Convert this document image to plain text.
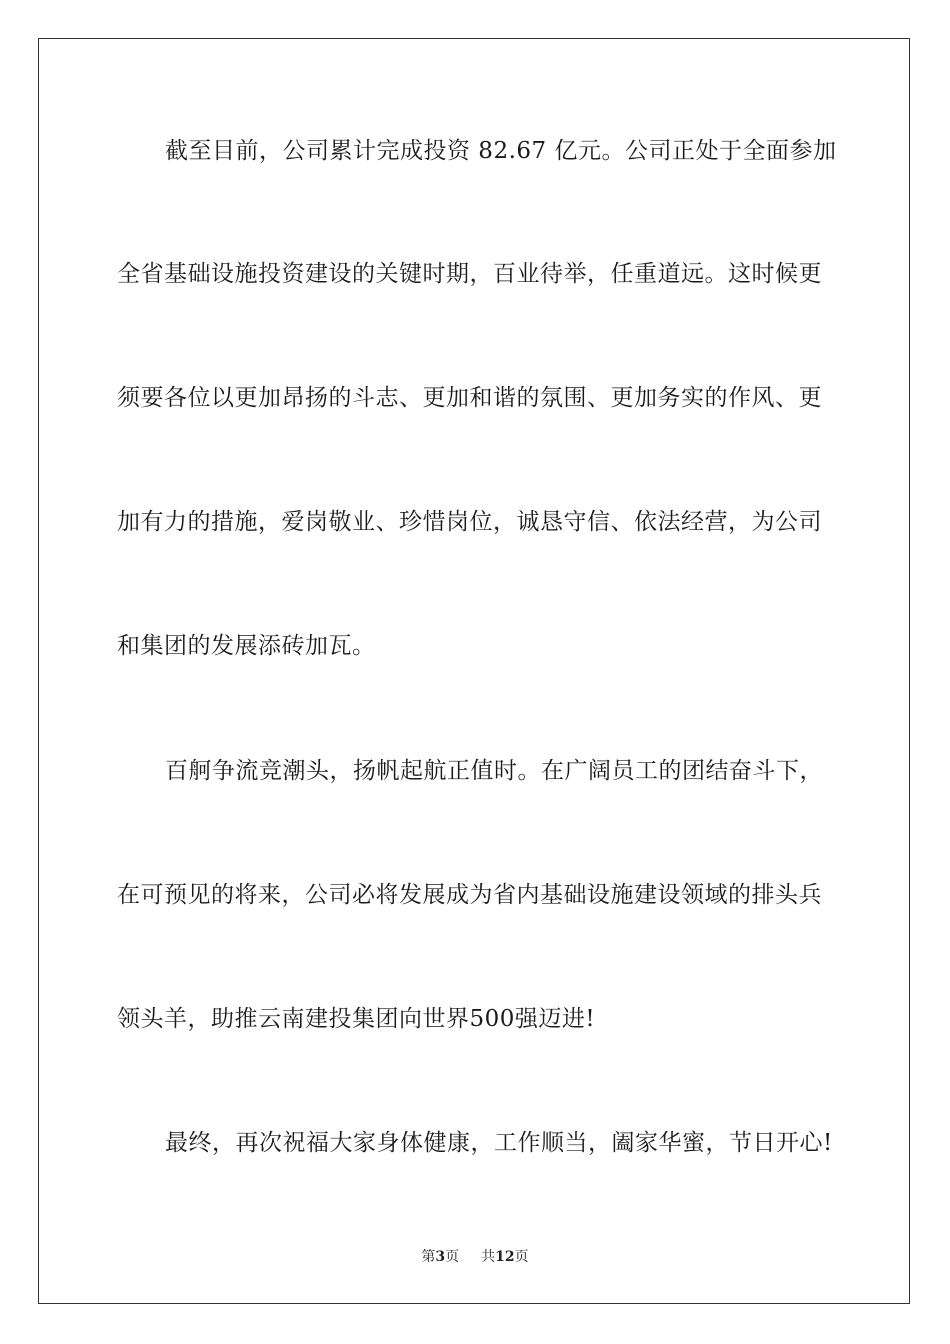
截至目前，公司累计完成投资 82.67 亿元。公司正处于全面参加
全省基础设施投资建设的关键时期，百业待举，任重道远。这时候更
须要各位以更加昂扬的斗志、更加和谐的氛围、更加务实的作风、更
加有力的措施，爱岗敬业、珍惜岗位，诚恳守信、依法经营，为公司
和集团的发展添砖加瓦。
百舸争流竞潮头，扬帆起航正值时。在广阔员工的团结奋斗下，
在可预见的将来，公司必将发展成为省内基础设施建设领域的排头兵
领头羊，助推云南建投集团向世界500强迈进!
最终，再次祝福大家身体健康，工作顺当，阖家华蜜，节日开心!
第3页 共12页
